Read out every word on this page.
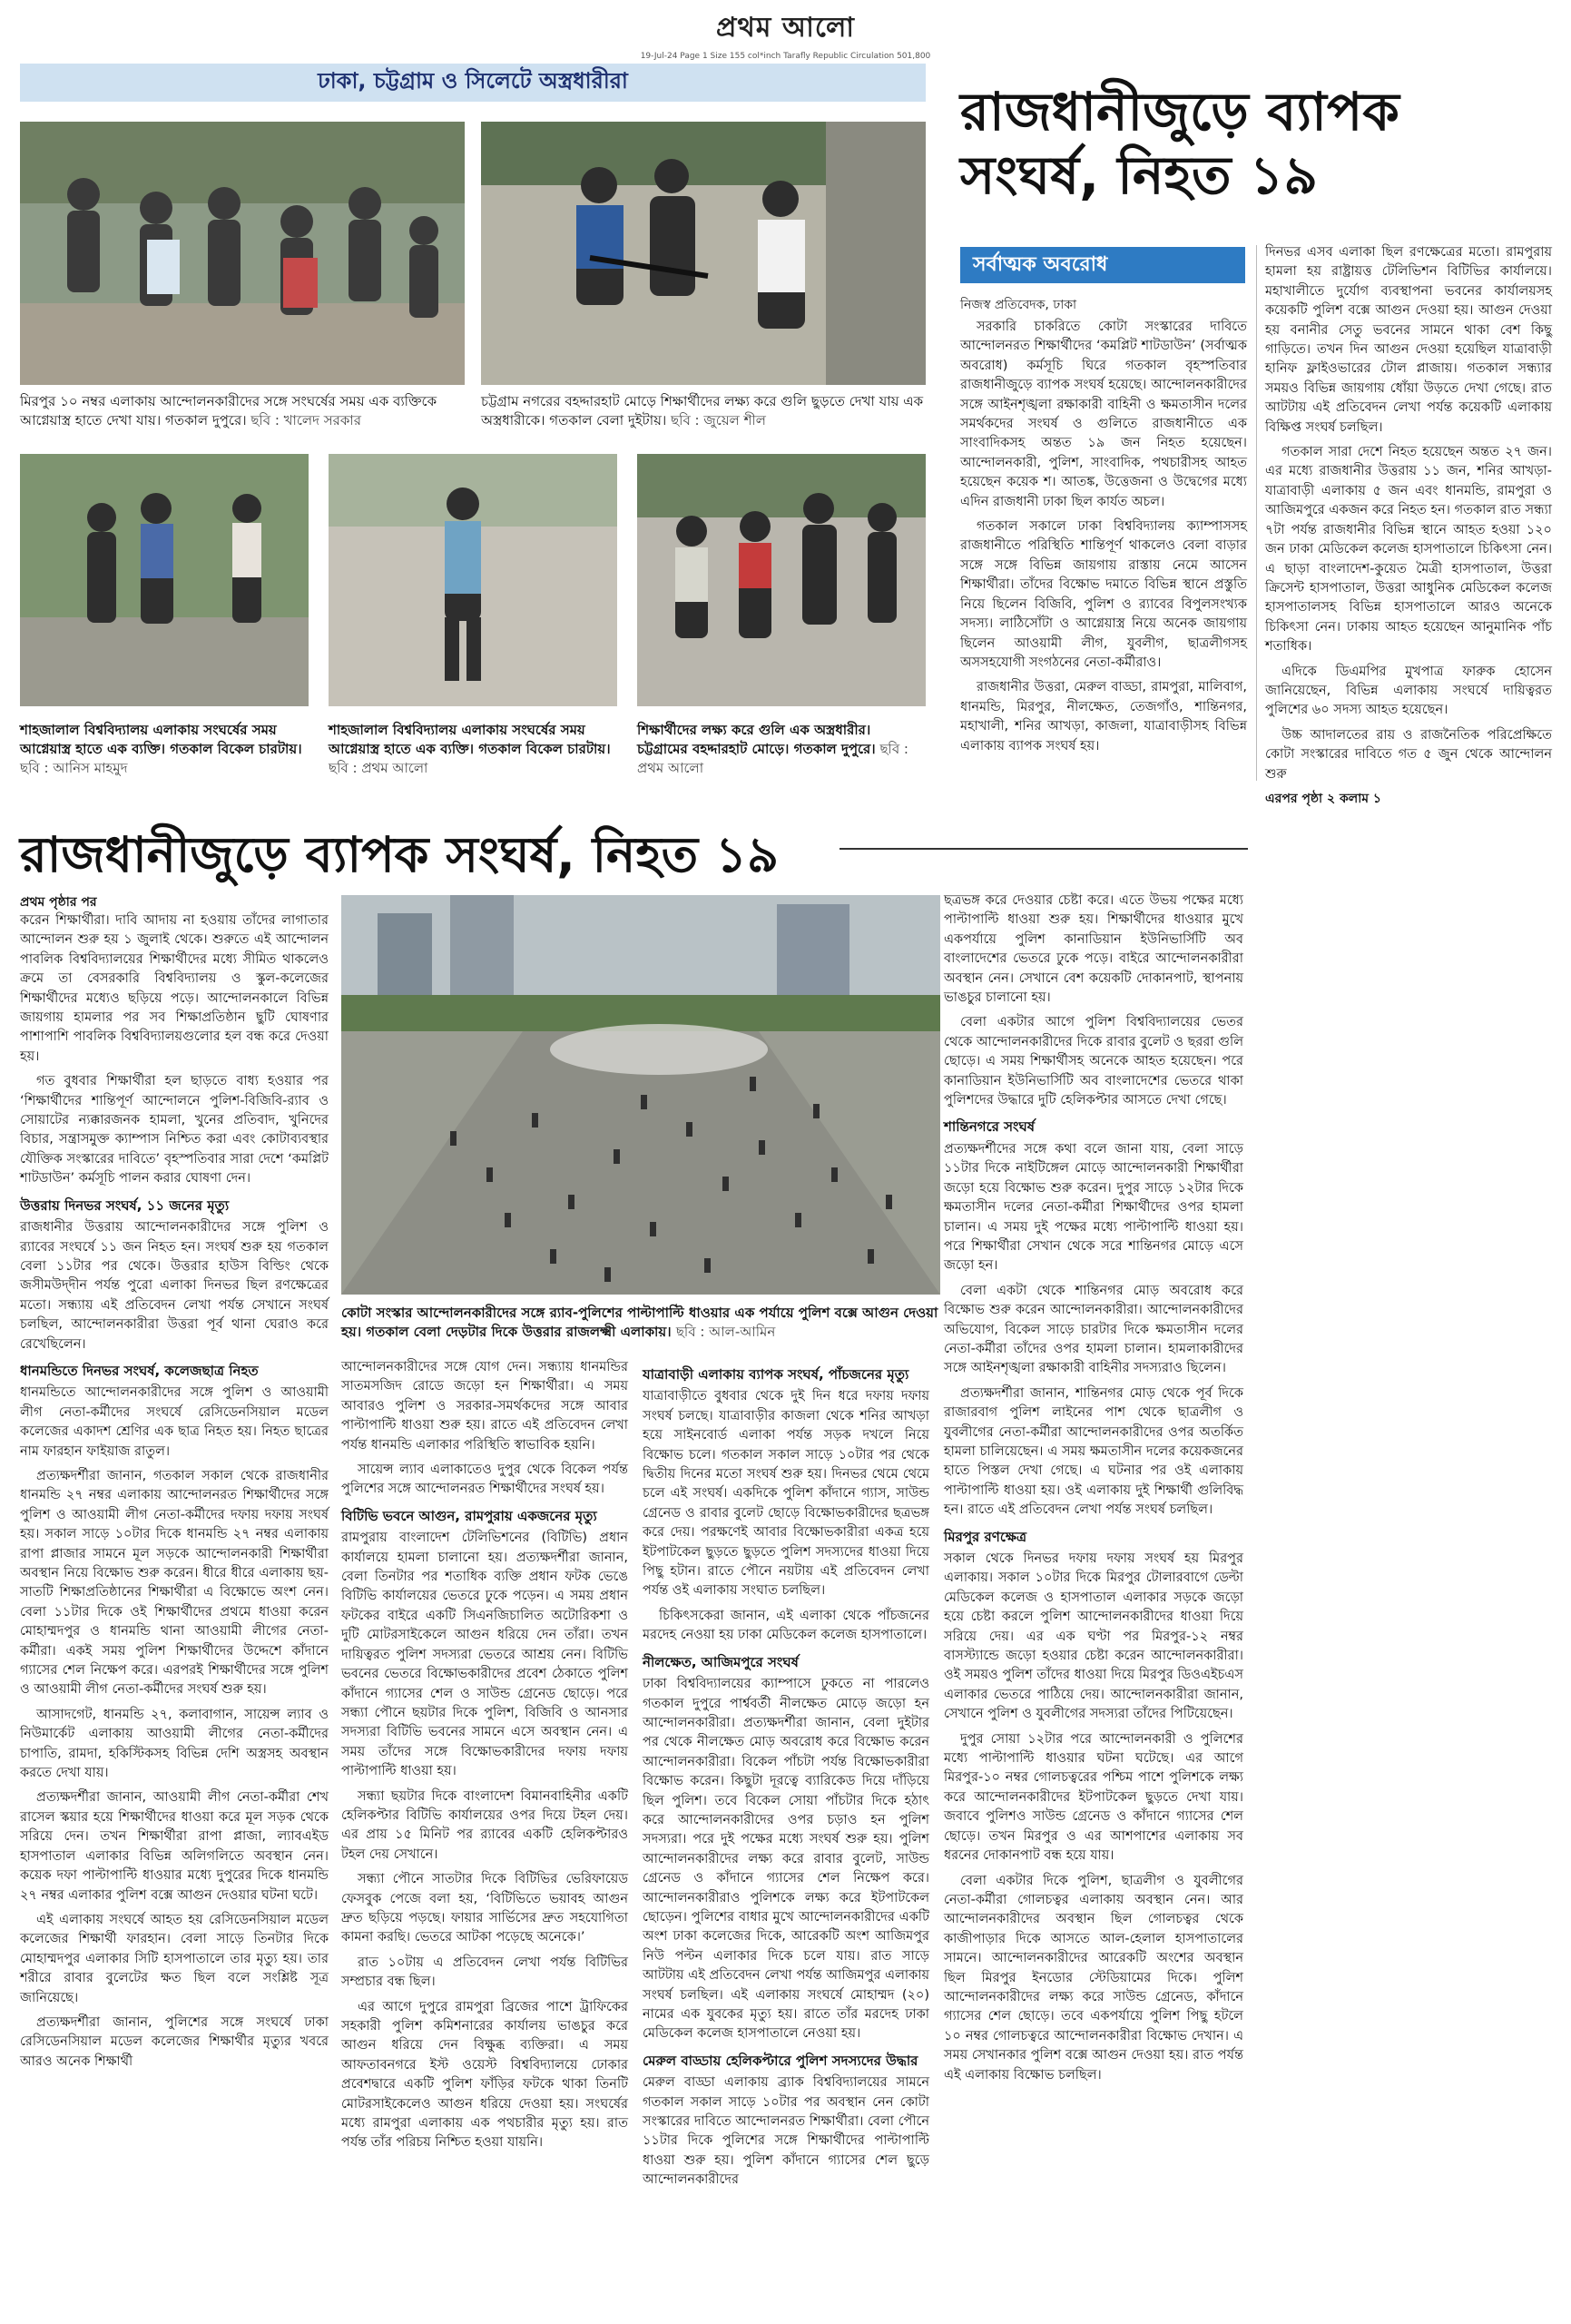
প্রথম আলো
19-Jul-24 Page 1 Size 155 col*inch Tarafly Republic Circulation 501,800
ঢাকা, চট্টগ্রাম ও সিলেটে অস্ত্রধারীরা
মিরপুর ১০ নম্বর এলাকায় আন্দোলনকারীদের সঙ্গে সংঘর্ষের সময় এক ব্যক্তিকে আগ্নেয়াস্ত্র হাতে দেখা যায়। গতকাল দুপুরে। ছবি : খালেদ সরকার
চট্টগ্রাম নগরের বহদ্দারহাট মোড়ে শিক্ষার্থীদের লক্ষ্য করে গুলি ছুড়তে দেখা যায় এক অস্ত্রধারীকে। গতকাল বেলা দুইটায়। ছবি : জুয়েল শীল
শাহজালাল বিশ্ববিদ্যালয় এলাকায় সংঘর্ষের সময় আগ্নেয়াস্ত্র হাতে এক ব্যক্তি। গতকাল বিকেল চারটায়। ছবি : আনিস মাহমুদ
শাহজালাল বিশ্ববিদ্যালয় এলাকায় সংঘর্ষের সময় আগ্নেয়াস্ত্র হাতে এক ব্যক্তি। গতকাল বিকেল চারটায়। ছবি : প্রথম আলো
শিক্ষার্থীদের লক্ষ্য করে গুলি এক অস্ত্রধারীর। চট্টগ্রামের বহদ্দারহাট মোড়ে। গতকাল দুপুরে। ছবি : প্রথম আলো
রাজধানীজুড়ে ব্যাপক সংঘর্ষ, নিহত ১৯
সর্বাত্মক অবরোধ
নিজস্ব প্রতিবেদক, ঢাকা

সরকারি চাকরিতে কোটা সংস্কারের দাবিতে আন্দোলনরত শিক্ষার্থীদের ‘কমপ্লিট শাটডাউন’ (সর্বাত্মক অবরোধ) কর্মসূচি ঘিরে গতকাল বৃহস্পতিবার রাজধানীজুড়ে ব্যাপক সংঘর্ষ হয়েছে। আন্দোলনকারীদের সঙ্গে আইনশৃঙ্খলা রক্ষাকারী বাহিনী ও ক্ষমতাসীন দলের সমর্থকদের সংঘর্ষ ও গুলিতে রাজধানীতে এক সাংবাদিকসহ অন্তত ১৯ জন নিহত হয়েছেন। আন্দোলনকারী, পুলিশ, সাংবাদিক, পথচারীসহ আহত হয়েছেন কয়েক শ। আতঙ্ক, উত্তেজনা ও উদ্বেগের মধ্যে এদিন রাজধানী ঢাকা ছিল কার্যত অচল।

গতকাল সকালে ঢাকা বিশ্ববিদ্যালয় ক্যাম্পাসসহ রাজধানীতে পরিস্থিতি শান্তিপূর্ণ থাকলেও বেলা বাড়ার সঙ্গে সঙ্গে বিভিন্ন জায়গায় রাস্তায় নেমে আসেন শিক্ষার্থীরা। তাঁদের বিক্ষোভ দমাতে বিভিন্ন স্থানে প্রস্তুতি নিয়ে ছিলেন বিজিবি, পুলিশ ও র‍্যাবের বিপুলসংখ্যক সদস্য। লাঠিসোঁটা ও আগ্নেয়াস্ত্র নিয়ে অনেক জায়গায় ছিলেন আওয়ামী লীগ, যুবলীগ, ছাত্রলীগসহ অসসহযোগী সংগঠনের নেতা-কর্মীরাও।

রাজধানীর উত্তরা, মেরুল বাড্ডা, রামপুরা, মালিবাগ, ধানমন্ডি, মিরপুর, নীলক্ষেত, তেজগাঁও, শান্তিনগর, মহাখালী, শনির আখড়া, কাজলা, যাত্রাবাড়ীসহ বিভিন্ন এলাকায় ব্যাপক সংঘর্ষ হয়।

দিনভর এসব এলাকা ছিল রণক্ষেত্রের মতো। রামপুরায় হামলা হয় রাষ্ট্রায়ত্ত টেলিভিশন বিটিভির কার্যালয়ে। মহাখালীতে দুর্যোগ ব্যবস্থাপনা ভবনের কার্যালয়সহ কয়েকটি পুলিশ বক্সে আগুন দেওয়া হয়। আগুন দেওয়া হয় বনানীর সেতু ভবনের সামনে থাকা বেশ কিছু গাড়িতে। তখন দিন আগুন দেওয়া হয়েছিল যাত্রাবাড়ী হানিফ ফ্লাইওভারের টোল প্লাজায়। গতকাল সন্ধ্যার সময়ও বিভিন্ন জায়গায় ধোঁয়া উড়তে দেখা গেছে। রাত আটটায় এই প্রতিবেদন লেখা পর্যন্ত কয়েকটি এলাকায় বিক্ষিপ্ত সংঘর্ষ চলছিল।

গতকাল সারা দেশে নিহত হয়েছেন অন্তত ২৭ জন। এর মধ্যে রাজধানীর উত্তরায় ১১ জন, শনির আখড়া-যাত্রাবাড়ী এলাকায় ৫ জন এবং ধানমন্ডি, রামপুরা ও আজিমপুরে একজন করে নিহত হন। গতকাল রাত সন্ধ্যা ৭টা পর্যন্ত রাজধানীর বিভিন্ন স্থানে আহত হওয়া ১২০ জন ঢাকা মেডিকেল কলেজ হাসপাতালে চিকিৎসা নেন। এ ছাড়া বাংলাদেশ-কুয়েত মৈত্রী হাসপাতাল, উত্তরা ক্রিসেন্ট হাসপাতাল, উত্তরা আধুনিক মেডিকেল কলেজ হাসপাতালসহ বিভিন্ন হাসপাতালে আরও অনেকে চিকিৎসা নেন। ঢাকায় আহত হয়েছেন আনুমানিক পাঁচ শতাধিক।

এদিকে ডিএমপির মুখপাত্র ফারুক হোসেন জানিয়েছেন, বিভিন্ন এলাকায় সংঘর্ষে দায়িত্বরত পুলিশের ৬০ সদস্য আহত হয়েছেন।

উচ্চ আদালতের রায় ও রাজনৈতিক পরিপ্রেক্ষিতে কোটা সংস্কারের দাবিতে গত ৫ জুন থেকে আন্দোলন শুরু

এরপর পৃষ্ঠা ২ কলাম ১
রাজধানীজুড়ে ব্যাপক সংঘর্ষ, নিহত ১৯
প্রথম পৃষ্ঠার পর

করেন শিক্ষার্থীরা। দাবি আদায় না হওয়ায় তাঁদের লাগাতার আন্দোলন শুরু হয় ১ জুলাই থেকে। শুরুতে এই আন্দোলন পাবলিক বিশ্ববিদ্যালয়ের শিক্ষার্থীদের মধ্যে সীমিত থাকলেও ক্রমে তা বেসরকারি বিশ্ববিদ্যালয় ও স্কুল-কলেজের শিক্ষার্থীদের মধ্যেও ছড়িয়ে পড়ে। আন্দোলনকালে বিভিন্ন জায়গায় হামলার পর সব শিক্ষাপ্রতিষ্ঠান ছুটি ঘোষণার পাশাপাশি পাবলিক বিশ্ববিদ্যালয়গুলোর হল বন্ধ করে দেওয়া হয়।

গত বুধবার শিক্ষার্থীরা হল ছাড়তে বাধ্য হওয়ার পর ‘শিক্ষার্থীদের শান্তিপূর্ণ আন্দোলনে পুলিশ-বিজিবি-র‍্যাব ও সোয়াটের ন্যক্কারজনক হামলা, খুনের প্রতিবাদ, খুনিদের বিচার, সন্ত্রাসমুক্ত ক্যাম্পাস নিশ্চিত করা এবং কোটাব্যবস্থার যৌক্তিক সংস্কারের দাবিতে’ বৃহস্পতিবার সারা দেশে ‘কমপ্লিট শাটডাউন’ কর্মসূচি পালন করার ঘোষণা দেন।

উত্তরায় দিনভর সংঘর্ষ, ১১ জনের মৃত্যু

রাজধানীর উত্তরায় আন্দোলনকারীদের সঙ্গে পুলিশ ও র‍্যাবের সংঘর্ষে ১১ জন নিহত হন। সংঘর্ষ শুরু হয় গতকাল বেলা ১১টার পর থেকে। উত্তরার হাউস বিল্ডিং থেকে জসীমউদ্‌দীন পর্যন্ত পুরো এলাকা দিনভর ছিল রণক্ষেত্রের মতো। সন্ধ্যায় এই প্রতিবেদন লেখা পর্যন্ত সেখানে সংঘর্ষ চলছিল, আন্দোলনকারীরা উত্তরা পূর্ব থানা ঘেরাও করে রেখেছিলেন।

ধানমন্ডিতে দিনভর সংঘর্ষ, কলেজছাত্র নিহত

ধানমন্ডিতে আন্দোলনকারীদের সঙ্গে পুলিশ ও আওয়ামী লীগ নেতা-কর্মীদের সংঘর্ষে রেসিডেনসিয়াল মডেল কলেজের একাদশ শ্রেণির এক ছাত্র নিহত হয়। নিহত ছাত্রের নাম ফারহান ফাইয়াজ রাতুল।

প্রত্যক্ষদর্শীরা জানান, গতকাল সকাল থেকে রাজধানীর ধানমন্ডি ২৭ নম্বর এলাকায় আন্দোলনরত শিক্ষার্থীদের সঙ্গে পুলিশ ও আওয়ামী লীগ নেতা-কর্মীদের দফায় দফায় সংঘর্ষ হয়। সকাল সাড়ে ১০টার দিকে ধানমন্ডি ২৭ নম্বর এলাকায় রাপা প্লাজার সামনে মূল সড়কে আন্দোলনকারী শিক্ষার্থীরা অবস্থান নিয়ে বিক্ষোভ শুরু করেন। ধীরে ধীরে এলাকায় ছয়-সাতটি শিক্ষাপ্রতিষ্ঠানের শিক্ষার্থীরা এ বিক্ষোভে অংশ নেন। বেলা ১১টার দিকে ওই শিক্ষার্থীদের প্রথমে ধাওয়া করেন মোহাম্মদপুর ও ধানমন্ডি থানা আওয়ামী লীগের নেতা-কর্মীরা। একই সময় পুলিশ শিক্ষার্থীদের উদ্দেশে কাঁদানে গ্যাসের শেল নিক্ষেপ করে। এরপরই শিক্ষার্থীদের সঙ্গে পুলিশ ও আওয়ামী লীগ নেতা-কর্মীদের সংঘর্ষ শুরু হয়।

আসাদগেট, ধানমন্ডি ২৭, কলাবাগান, সায়েন্স ল্যাব ও নিউমার্কেট এলাকায় আওয়ামী লীগের নেতা-কর্মীদের চাপাতি, রামদা, হকিস্টিকসহ বিভিন্ন দেশি অস্ত্রসহ অবস্থান করতে দেখা যায়।

প্রত্যক্ষদর্শীরা জানান, আওয়ামী লীগ নেতা-কর্মীরা শেখ রাসেল স্কয়ার হয়ে শিক্ষার্থীদের ধাওয়া করে মূল সড়ক থেকে সরিয়ে দেন। তখন শিক্ষার্থীরা রাপা প্লাজা, ল্যাবএইড হাসপাতাল এলাকার বিভিন্ন অলিগলিতে অবস্থান নেন। কয়েক দফা পাল্টাপাল্টি ধাওয়ার মধ্যে দুপুরের দিকে ধানমন্ডি ২৭ নম্বর এলাকার পুলিশ বক্সে আগুন দেওয়ার ঘটনা ঘটে।

এই এলাকায় সংঘর্ষে আহত হয় রেসিডেনসিয়াল মডেল কলেজের শিক্ষার্থী ফারহান। বেলা সাড়ে তিনটার দিকে মোহাম্মদপুর এলাকার সিটি হাসপাতালে তার মৃত্যু হয়। তার শরীরে রাবার বুলেটের ক্ষত ছিল বলে সংশ্লিষ্ট সূত্র জানিয়েছে।

প্রত্যক্ষদর্শীরা জানান, পুলিশের সঙ্গে সংঘর্ষে ঢাকা রেসিডেনসিয়াল মডেল কলেজের শিক্ষার্থীর মৃত্যুর খবরে আরও অনেক শিক্ষার্থী

কোটা সংস্কার আন্দোলনকারীদের সঙ্গে র‍্যাব-পুলিশের পাল্টাপাল্টি ধাওয়ার এক পর্যায়ে পুলিশ বক্সে আগুন দেওয়া হয়। গতকাল বেলা দেড়টার দিকে উত্তরার রাজলক্ষ্মী এলাকায়। ছবি : আল-আমিন

আন্দোলনকারীদের সঙ্গে যোগ দেন। সন্ধ্যায় ধানমন্ডির সাতমসজিদ রোডে জড়ো হন শিক্ষার্থীরা। এ সময় আবারও পুলিশ ও সরকার-সমর্থকদের সঙ্গে আবার পাল্টাপাল্টি ধাওয়া শুরু হয়। রাতে এই প্রতিবেদন লেখা পর্যন্ত ধানমন্ডি এলাকার পরিস্থিতি স্বাভাবিক হয়নি।

সায়েন্স ল্যাব এলাকাতেও দুপুর থেকে বিকেল পর্যন্ত পুলিশের সঙ্গে আন্দোলনরত শিক্ষার্থীদের সংঘর্ষ হয়।

বিটিভি ভবনে আগুন, রামপুরায় একজনের মৃত্যু

রামপুরায় বাংলাদেশ টেলিভিশনের (বিটিভি) প্রধান কার্যালয়ে হামলা চালানো হয়। প্রত্যক্ষদর্শীরা জানান, বেলা তিনটার পর শতাধিক ব্যক্তি প্রধান ফটক ভেঙে বিটিভি কার্যালয়ের ভেতরে ঢুকে পড়েন। এ সময় প্রধান ফটকের বাইরে একটি সিএনজিচালিত অটোরিকশা ও দুটি মোটরসাইকেলে আগুন ধরিয়ে দেন তাঁরা। তখন দায়িত্বরত পুলিশ সদস্যরা ভেতরে আশ্রয় নেন। বিটিভি ভবনের ভেতরে বিক্ষোভকারীদের প্রবেশ ঠেকাতে পুলিশ কাঁদানে গ্যাসের শেল ও সাউন্ড গ্রেনেড ছোড়ে। পরে সন্ধ্যা পৌনে ছয়টার দিকে পুলিশ, বিজিবি ও আনসার সদস্যরা বিটিভি ভবনের সামনে এসে অবস্থান নেন। এ সময় তাঁদের সঙ্গে বিক্ষোভকারীদের দফায় দফায় পাল্টাপাল্টি ধাওয়া হয়।

সন্ধ্যা ছয়টার দিকে বাংলাদেশ বিমানবাহিনীর একটি হেলিকপ্টার বিটিভি কার্যালয়ের ওপর দিয়ে টহল দেয়। এর প্রায় ১৫ মিনিট পর র‍্যাবের একটি হেলিকপ্টারও টহল দেয় সেখানে।

সন্ধ্যা পৌনে সাতটার দিকে বিটিভির ভেরিফায়েড ফেসবুক পেজে বলা হয়, ‘বিটিভিতে ভয়াবহ আগুন দ্রুত ছড়িয়ে পড়ছে। ফায়ার সার্ভিসের দ্রুত সহযোগিতা কামনা করছি। ভেতরে আটকা পড়েছে অনেকে।’

রাত ১০টায় এ প্রতিবেদন লেখা পর্যন্ত বিটিভির সম্প্রচার বন্ধ ছিল।

এর আগে দুপুরে রামপুরা ব্রিজের পাশে ট্রাফিকের সহকারী পুলিশ কমিশনারের কার্যালয় ভাঙচুর করে আগুন ধরিয়ে দেন বিক্ষুব্ধ ব্যক্তিরা। এ সময় আফতাবনগরে ইস্ট ওয়েস্ট বিশ্ববিদ্যালয়ে ঢোকার প্রবেশদ্বারে একটি পুলিশ ফাঁড়ির ফটকে থাকা তিনটি মোটরসাইকেলেও আগুন ধরিয়ে দেওয়া হয়। সংঘর্ষের মধ্যে রামপুরা এলাকায় এক পথচারীর মৃত্যু হয়। রাত পর্যন্ত তাঁর পরিচয় নিশ্চিত হওয়া যায়নি।

যাত্রাবাড়ী এলাকায় ব্যাপক সংঘর্ষ, পাঁচজনের মৃত্যু

যাত্রাবাড়ীতে বুধবার থেকে দুই দিন ধরে দফায় দফায় সংঘর্ষ চলছে। যাত্রাবাড়ীর কাজলা থেকে শনির আখড়া হয়ে সাইনবোর্ড এলাকা পর্যন্ত সড়ক দখলে নিয়ে বিক্ষোভ চলে। গতকাল সকাল সাড়ে ১০টার পর থেকে দ্বিতীয় দিনের মতো সংঘর্ষ শুরু হয়। দিনভর থেমে থেমে চলে এই সংঘর্ষ। একদিকে পুলিশ কাঁদানে গ্যাস, সাউন্ড গ্রেনেড ও রাবার বুলেট ছোড়ে বিক্ষোভকারীদের ছত্রভঙ্গ করে দেয়। পরক্ষণেই আবার বিক্ষোভকারীরা একত্র হয়ে ইটপাটকেল ছুড়তে ছুড়তে পুলিশ সদস্যদের ধাওয়া দিয়ে পিছু হটান। রাতে পৌনে নয়টায় এই প্রতিবেদন লেখা পর্যন্ত ওই এলাকায় সংঘাত চলছিল।

চিকিৎসকেরা জানান, এই এলাকা থেকে পাঁচজনের মরদেহ নেওয়া হয় ঢাকা মেডিকেল কলেজ হাসপাতালে।

নীলক্ষেত, আজিমপুরে সংঘর্ষ

ঢাকা বিশ্ববিদ্যালয়ের ক্যাম্পাসে ঢুকতে না পারলেও গতকাল দুপুরে পার্শ্ববর্তী নীলক্ষেত মোড়ে জড়ো হন আন্দোলনকারীরা। প্রত্যক্ষদর্শীরা জানান, বেলা দুইটার পর থেকে নীলক্ষেত মোড় অবরোধ করে বিক্ষোভ করেন আন্দোলনকারীরা। বিকেল পাঁচটা পর্যন্ত বিক্ষোভকারীরা বিক্ষোভ করেন। কিছুটা দূরত্বে ব্যারিকেড দিয়ে দাঁড়িয়ে ছিল পুলিশ। তবে বিকেল সোয়া পাঁচটার দিকে হঠাৎ করে আন্দোলনকারীদের ওপর চড়াও হন পুলিশ সদস্যরা। পরে দুই পক্ষের মধ্যে সংঘর্ষ শুরু হয়। পুলিশ আন্দোলনকারীদের লক্ষ্য করে রাবার বুলেট, সাউন্ড গ্রেনেড ও কাঁদানে গ্যাসের শেল নিক্ষেপ করে। আন্দোলনকারীরাও পুলিশকে লক্ষ্য করে ইটপাটকেল ছোড়েন। পুলিশের বাধার মুখে আন্দোলনকারীদের একটি অংশ ঢাকা কলেজের দিকে, আরেকটি অংশ আজিমপুর নিউ পল্টন এলাকার দিকে চলে যায়। রাত সাড়ে আটটায় এই প্রতিবেদন লেখা পর্যন্ত আজিমপুর এলাকায় সংঘর্ষ চলছিল। এই এলাকায় সংঘর্ষে মোহাম্মদ (২০) নামের এক যুবকের মৃত্যু হয়। রাতে তাঁর মরদেহ ঢাকা মেডিকেল কলেজ হাসপাতালে নেওয়া হয়।

মেরুল বাড্ডায় হেলিকপ্টারে পুলিশ সদস্যদের উদ্ধার

মেরুল বাড্ডা এলাকায় ব্র্যাক বিশ্ববিদ্যালয়ের সামনে গতকাল সকাল সাড়ে ১০টার পর অবস্থান নেন কোটা সংস্কারের দাবিতে আন্দোলনরত শিক্ষার্থীরা। বেলা পৌনে ১১টার দিকে পুলিশের সঙ্গে শিক্ষার্থীদের পাল্টাপাল্টি ধাওয়া শুরু হয়। পুলিশ কাঁদানে গ্যাসের শেল ছুড়ে আন্দোলনকারীদের

ছত্রভঙ্গ করে দেওয়ার চেষ্টা করে। এতে উভয় পক্ষের মধ্যে পাল্টাপাল্টি ধাওয়া শুরু হয়। শিক্ষার্থীদের ধাওয়ার মুখে একপর্যায়ে পুলিশ কানাডিয়ান ইউনিভার্সিটি অব বাংলাদেশের ভেতরে ঢুকে পড়ে। বাইরে আন্দোলনকারীরা অবস্থান নেন। সেখানে বেশ কয়েকটি দোকানপাট, স্থাপনায় ভাঙচুর চালানো হয়।

বেলা একটার আগে পুলিশ বিশ্ববিদ্যালয়ের ভেতর থেকে আন্দোলনকারীদের দিকে রাবার বুলেট ও ছররা গুলি ছোড়ে। এ সময় শিক্ষার্থীসহ অনেকে আহত হয়েছেন। পরে কানাডিয়ান ইউনিভার্সিটি অব বাংলাদেশের ভেতরে থাকা পুলিশদের উদ্ধারে দুটি হেলিকপ্টার আসতে দেখা গেছে।

শান্তিনগরে সংঘর্ষ

প্রত্যক্ষদর্শীদের সঙ্গে কথা বলে জানা যায়, বেলা সাড়ে ১১টার দিকে নাইটিঙ্গেল মোড়ে আন্দোলনকারী শিক্ষার্থীরা জড়ো হয়ে বিক্ষোভ শুরু করেন। দুপুর সাড়ে ১২টার দিকে ক্ষমতাসীন দলের নেতা-কর্মীরা শিক্ষার্থীদের ওপর হামলা চালান। এ সময় দুই পক্ষের মধ্যে পাল্টাপাল্টি ধাওয়া হয়। পরে শিক্ষার্থীরা সেখান থেকে সরে শান্তিনগর মোড়ে এসে জড়ো হন।

বেলা একটা থেকে শান্তিনগর মোড় অবরোধ করে বিক্ষোভ শুরু করেন আন্দোলনকারীরা। আন্দোলনকারীদের অভিযোগ, বিকেল সাড়ে চারটার দিকে ক্ষমতাসীন দলের নেতা-কর্মীরা তাঁদের ওপর হামলা চালান। হামলাকারীদের সঙ্গে আইনশৃঙ্খলা রক্ষাকারী বাহিনীর সদস্যরাও ছিলেন।

প্রত্যক্ষদর্শীরা জানান, শান্তিনগর মোড় থেকে পূর্ব দিকে রাজারবাগ পুলিশ লাইনের পাশ থেকে ছাত্রলীগ ও যুবলীগের নেতা-কর্মীরা আন্দোলনকারীদের ওপর অতর্কিত হামলা চালিয়েছেন। এ সময় ক্ষমতাসীন দলের কয়েকজনের হাতে পিস্তল দেখা গেছে। এ ঘটনার পর ওই এলাকায় পাল্টাপাল্টি ধাওয়া হয়। ওই এলাকায় দুই শিক্ষার্থী গুলিবিদ্ধ হন। রাতে এই প্রতিবেদন লেখা পর্যন্ত সংঘর্ষ চলছিল।

মিরপুর রণক্ষেত্র

সকাল থেকে দিনভর দফায় দফায় সংঘর্ষ হয় মিরপুর এলাকায়। সকাল ১০টার দিকে মিরপুর টোলারবাগে ডেল্টা মেডিকেল কলেজ ও হাসপাতাল এলাকার সড়কে জড়ো হয়ে চেষ্টা করলে পুলিশ আন্দোলনকারীদের ধাওয়া দিয়ে সরিয়ে দেয়। এর এক ঘণ্টা পর মিরপুর-১২ নম্বর বাসস্ট্যান্ডে জড়ো হওয়ার চেষ্টা করেন আন্দোলনকারীরা। ওই সময়ও পুলিশ তাঁদের ধাওয়া দিয়ে মিরপুর ডিওএইচএস এলাকার ভেতরে পাঠিয়ে দেয়। আন্দোলনকারীরা জানান, সেখানে পুলিশ ও যুবলীগের সদস্যরা তাঁদের পিটিয়েছেন।

দুপুর সোয়া ১২টার পরে আন্দোলনকারী ও পুলিশের মধ্যে পাল্টাপাল্টি ধাওয়ার ঘটনা ঘটেছে। এর আগে মিরপুর-১০ নম্বর গোলচত্বরের পশ্চিম পাশে পুলিশকে লক্ষ্য করে আন্দোলনকারীদের ইটপাটকেল ছুড়তে দেখা যায়। জবাবে পুলিশও সাউন্ড গ্রেনেড ও কাঁদানে গ্যাসের শেল ছোড়ে। তখন মিরপুর ও এর আশপাশের এলাকায় সব ধরনের দোকানপাট বন্ধ হয়ে যায়।

বেলা একটার দিকে পুলিশ, ছাত্রলীগ ও যুবলীগের নেতা-কর্মীরা গোলচত্বর এলাকায় অবস্থান নেন। আর আন্দোলনকারীদের অবস্থান ছিল গোলচত্বর থেকে কাজীপাড়ার দিকে আসতে আল-হেলাল হাসপাতালের সামনে। আন্দোলনকারীদের আরেকটি অংশের অবস্থান ছিল মিরপুর ইনডোর স্টেডিয়ামের দিকে। পুলিশ আন্দোলনকারীদের লক্ষ্য করে সাউন্ড গ্রেনেড, কাঁদানে গ্যাসের শেল ছোড়ে। তবে একপর্যায়ে পুলিশ পিছু হটলে ১০ নম্বর গোলচত্বরে আন্দোলনকারীরা বিক্ষোভ দেখান। এ সময় সেখানকার পুলিশ বক্সে আগুন দেওয়া হয়। রাত পর্যন্ত এই এলাকায় বিক্ষোভ চলছিল।
